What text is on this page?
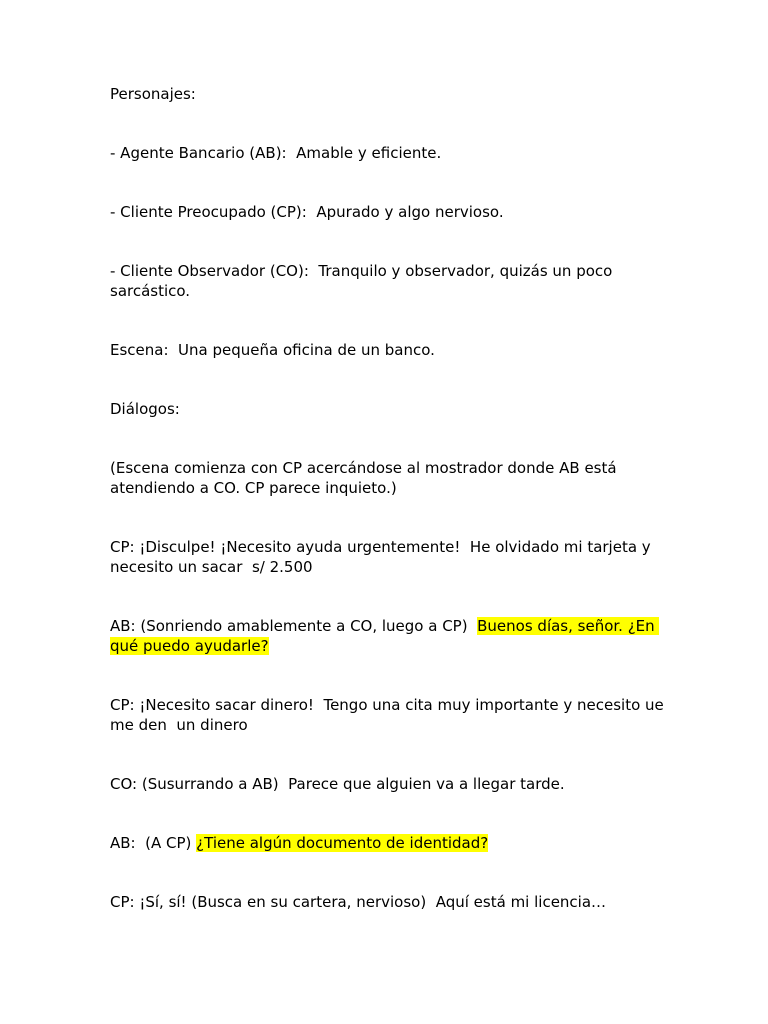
Personajes:

- Agente Bancario (AB):  Amable y eficiente.

- Cliente Preocupado (CP):  Apurado y algo nervioso.

- Cliente Observador (CO):  Tranquilo y observador, quizás un poco sarcástico.

Escena:  Una pequeña oficina de un banco.

Diálogos:

(Escena comienza con CP acercándose al mostrador donde AB está atendiendo a CO. CP parece inquieto.)

CP: ¡Disculpe! ¡Necesito ayuda urgentemente!  He olvidado mi tarjeta y necesito un sacar  s/ 2.500

AB: (Sonriendo amablemente a CO, luego a CP)  Buenos días, señor. ¿En qué puedo ayudarle?

CP: ¡Necesito sacar dinero!  Tengo una cita muy importante y necesito ue me den  un dinero

CO: (Susurrando a AB)  Parece que alguien va a llegar tarde.

AB:  (A CP) ¿Tiene algún documento de identidad?

CP: ¡Sí, sí! (Busca en su cartera, nervioso)  Aquí está mi licencia…
